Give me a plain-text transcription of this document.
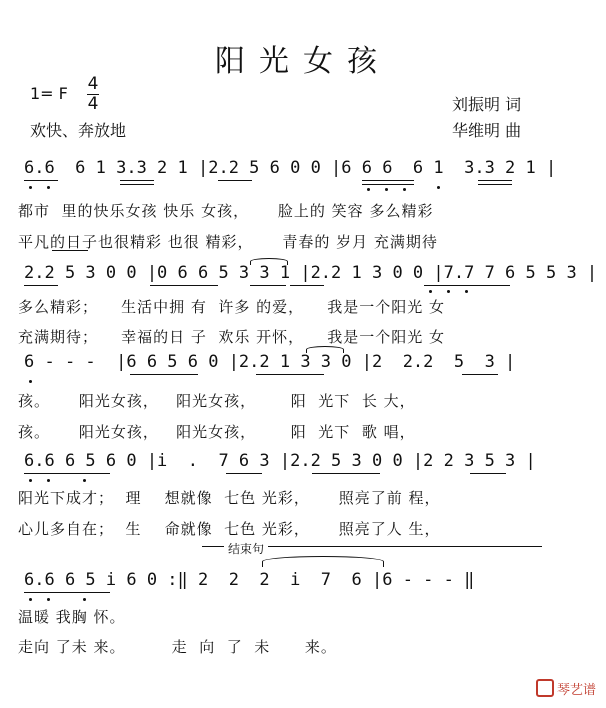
阳光女孩
1= F 4
4
欢快、奔放地
刘振明 词
华维明 曲
6.6  6 1 3.3 2 1 |2.2 5 6 0 0 |6 6 6  6 1  3.3 2 1 |
都市  里的快乐女孩 快乐 女孩，     脸上的 笑容 多么精彩
平凡的日子也很精彩 也很 精彩，     青春的 岁月 充满期待
2.2 5 3 0 0 |0 6 6 5 3 3 1 |2.2 1 3 0 0 |7.7 7 6 5 5 3 |
多么精彩；    生活中拥 有  许多 的爱，    我是一个阳光 女
充满期待；    幸福的日 子  欢乐 开怀，    我是一个阳光 女
6 - - -  |6 6 5 6 0 |2.2 1 3 3 0 |2  2.2  5  3 |
孩。     阳光女孩，   阳光女孩，      阳  光下  长 大，
孩。     阳光女孩，   阳光女孩，      阳  光下  歌 唱，
6.6 6 5 6 0 |i  .  7 6 3 |2.2 5 3 0 0 |2 2 3 5 3 |
阳光下成才；  理    想就像  七色 光彩，     照亮了前 程，
心儿多自在；  生    命就像  七色 光彩，     照亮了人 生，
结束句
6.6 6 5 i 6 0 :‖ 2  2  2  i  7  6 |6 - - - ‖
温暖 我胸 怀。
走向 了未 来。        走  向  了  未      来。
琴艺谱
